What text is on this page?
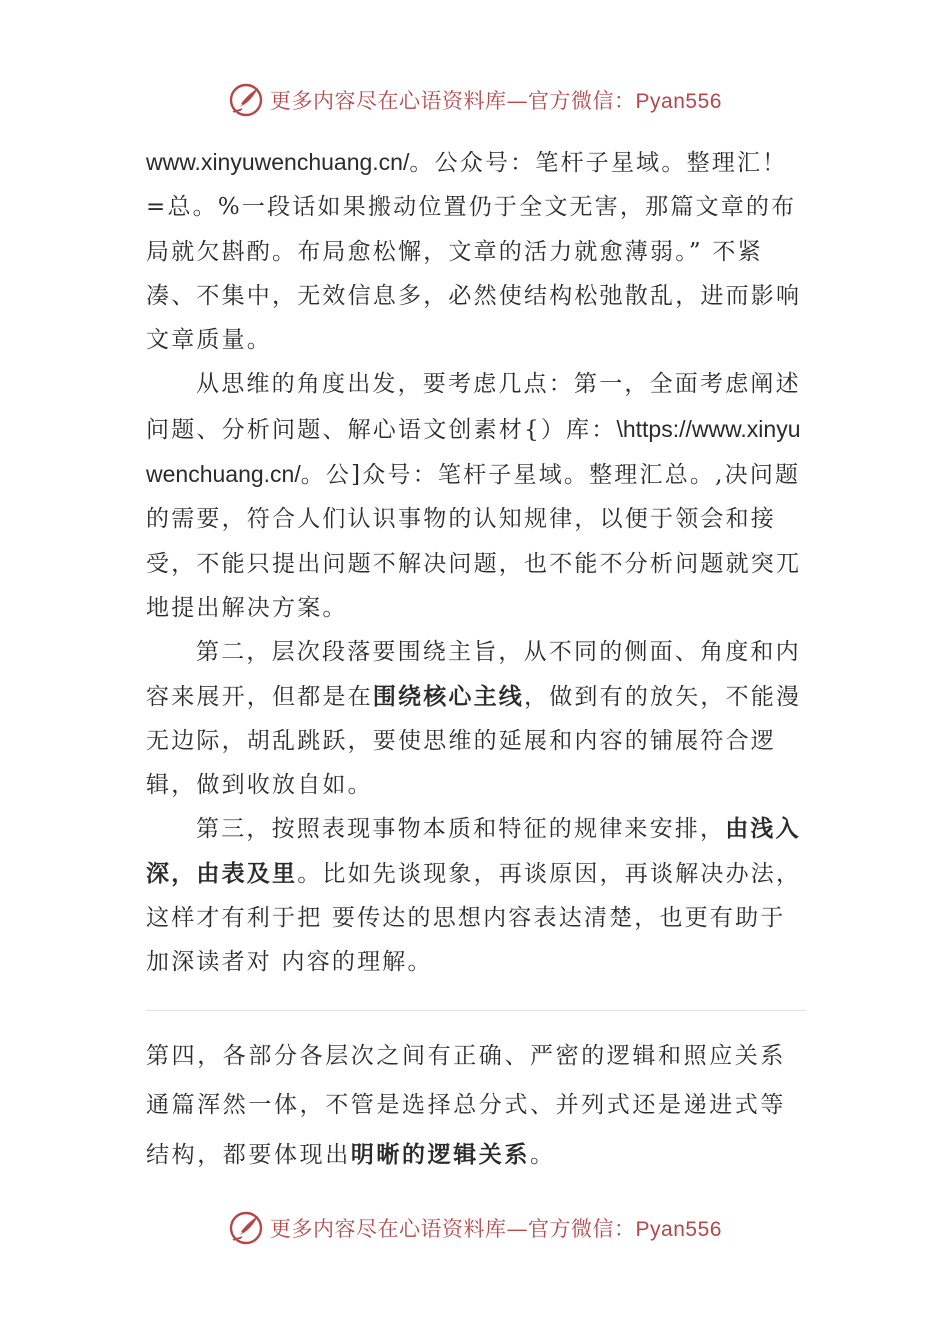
更多内容尽在心语资料库—官方微信：Pyan556

www.xinyuwenchuang.cn/。公众号：笔杆子星域。整理汇！=总。%一段话如果搬动位置仍于全文无害，那篇文章的布局就欠斟酌。布局愈松懈，文章的活力就愈薄弱。” 不紧凑、不集中，无效信息多，必然使结构松弛散乱，进而影响文章质量。

从思维的角度出发，要考虑几点：第一，全面考虑阐述问题、分析问题、解心语文创素材{）库：\https://www.xinyuwenchuang.cn/。公]众号：笔杆子星域。整理汇总。,决问题的需要，符合人们认识事物的认知规律，以便于领会和接受，不能只提出问题不解决问题，也不能不分析问题就突兀地提出解决方案。

第二，层次段落要围绕主旨，从不同的侧面、角度和内容来展开，但都是在围绕核心主线，做到有的放矢，不能漫无边际，胡乱跳跃，要使思维的延展和内容的铺展符合逻辑，做到收放自如。

第三，按照表现事物本质和特征的规律来安排，由浅入深，由表及里。比如先谈现象，再谈原因，再谈解决办法，这样才有利于把 要传达的思想内容表达清楚，也更有助于加深读者对 内容的理解。

第四，各部分各层次之间有正确、严密的逻辑和照应关系通篇浑然一体，不管是选择总分式、并列式还是递进式等结构，都要体现出明晰的逻辑关系。

更多内容尽在心语资料库—官方微信：Pyan556
